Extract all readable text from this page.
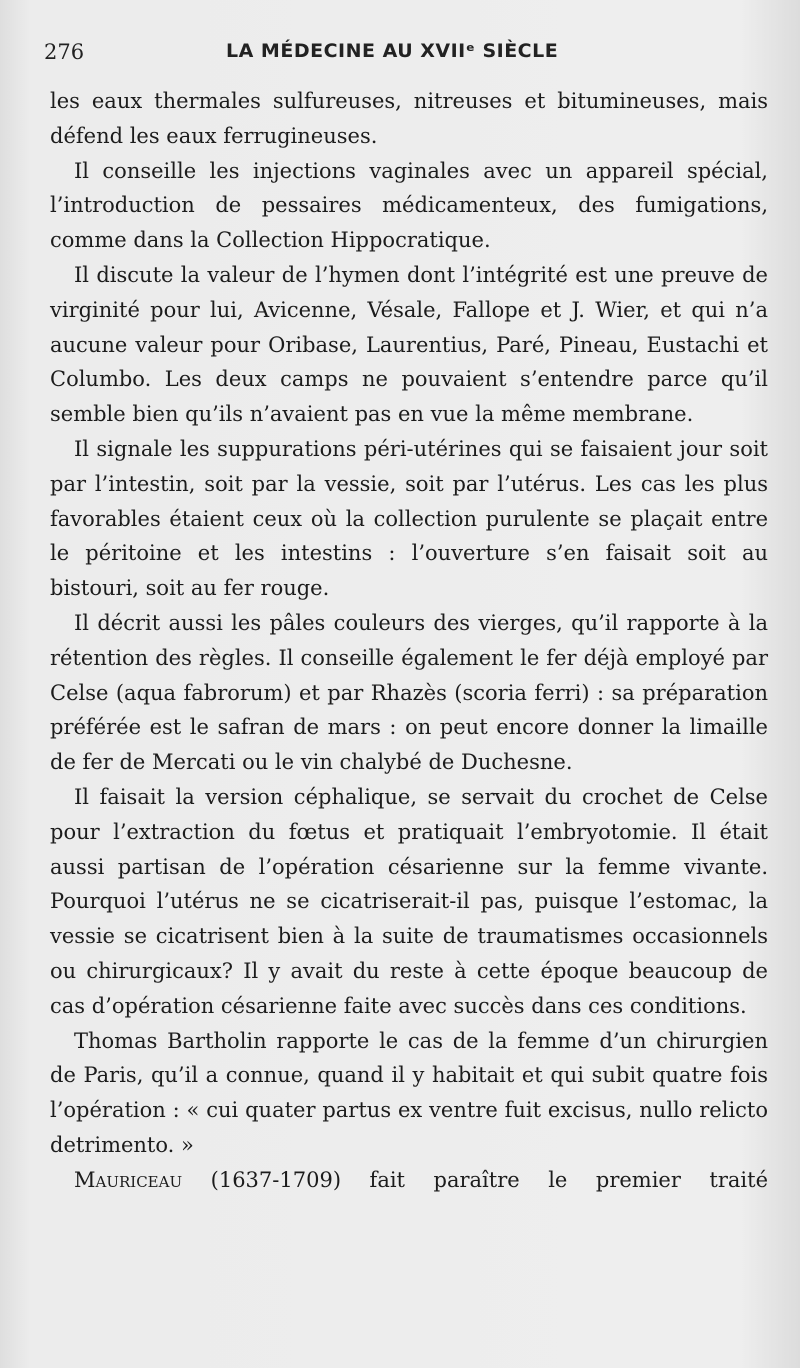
276	LA MÉDECINE AU XVIIᵉ SIÈCLE

les eaux thermales sulfureuses, nitreuses et bitumineuses, mais défend les eaux ferrugineuses.

Il conseille les injections vaginales avec un appareil spécial, l’introduction de pessaires médicamenteux, des fumigations, comme dans la Collection Hippocratique.

Il discute la valeur de l’hymen dont l’intégrité est une preuve de virginité pour lui, Avicenne, Vésale, Fallope et J. Wier, et qui n’a aucune valeur pour Oribase, Laurentius, Paré, Pineau, Eustachi et Columbo. Les deux camps ne pouvaient s’entendre parce qu’il semble bien qu’ils n’avaient pas en vue la même membrane.

Il signale les suppurations péri-utérines qui se faisaient jour soit par l’intestin, soit par la vessie, soit par l’utérus. Les cas les plus favorables étaient ceux où la collection purulente se plaçait entre le péritoine et les intestins : l’ouverture s’en faisait soit au bistouri, soit au fer rouge.

Il décrit aussi les pâles couleurs des vierges, qu’il rapporte à la rétention des règles. Il conseille également le fer déjà employé par Celse (aqua fabrorum) et par Rhazès (scoria ferri) : sa préparation préférée est le safran de mars : on peut encore donner la limaille de fer de Mercati ou le vin chalybé de Duchesne.

Il faisait la version céphalique, se servait du crochet de Celse pour l’extraction du fœtus et pratiquait l’embryotomie. Il était aussi partisan de l’opération césarienne sur la femme vivante. Pourquoi l’utérus ne se cicatriserait-il pas, puisque l’estomac, la vessie se cicatrisent bien à la suite de traumatismes occasionnels ou chirurgicaux? Il y avait du reste à cette époque beaucoup de cas d’opération césarienne faite avec succès dans ces conditions.

Thomas Bartholin rapporte le cas de la femme d’un chirurgien de Paris, qu’il a connue, quand il y habitait et qui subit quatre fois l’opération : « cui quater partus ex ventre fuit excisus, nullo relicto detrimento. »

Mauriceau (1637-1709) fait paraître le premier traité
